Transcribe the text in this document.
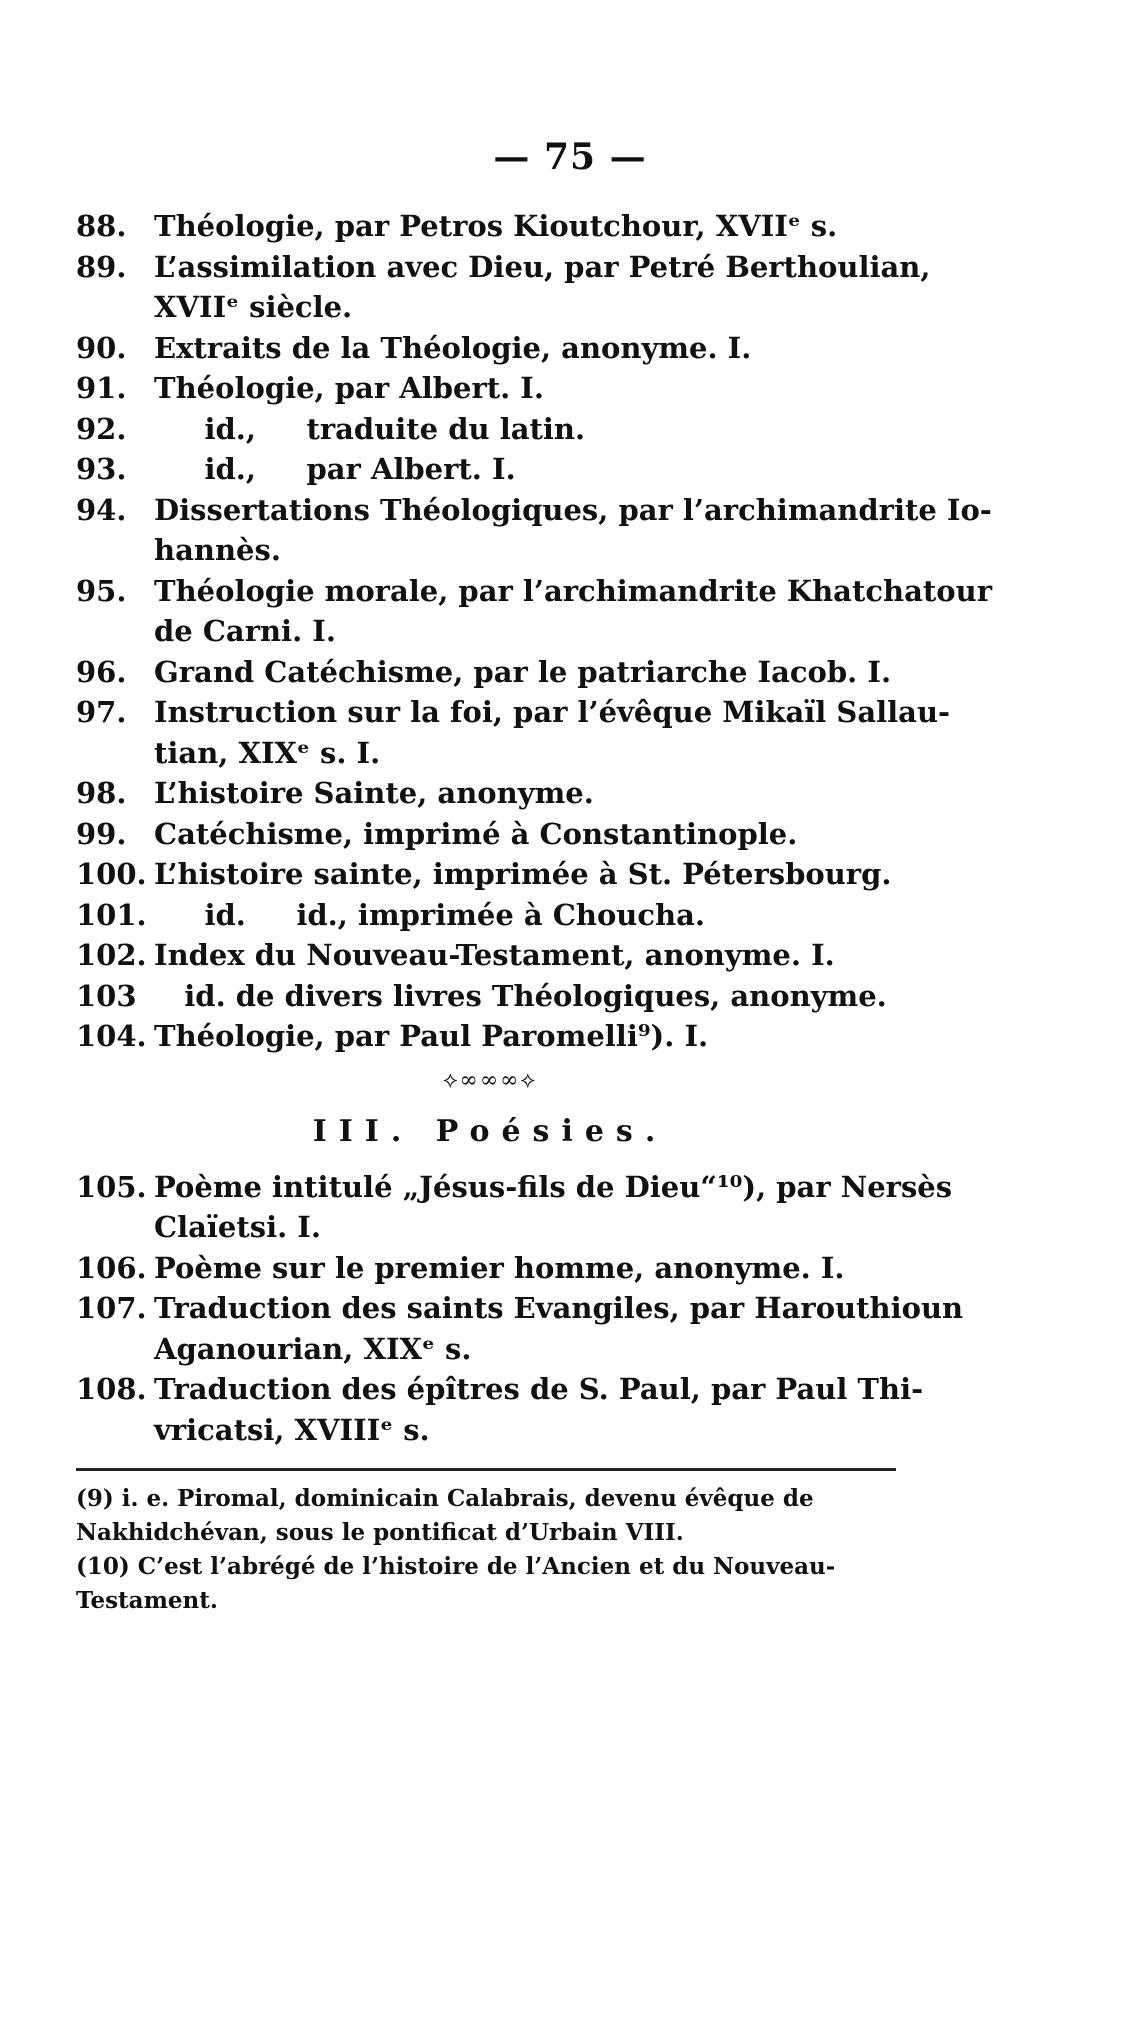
— 75 —
88. Théologie, par Petros Kioutchour, XVIIᵉ s.
89. L’assimilation avec Dieu, par Petré Berthoulian,
XVIIᵉ siècle.
90. Extraits de la Théologie, anonyme. I.
91. Théologie, par Albert. I.
92. id.,     traduite du latin.
93. id.,     par Albert. I.
94. Dissertations Théologiques, par l’archimandrite Io-
hannès.
95. Théologie morale, par l’archimandrite Khatchatour
de Carni. I.
96. Grand Catéchisme, par le patriarche Iacob. I.
97. Instruction sur la foi, par l’évêque Mikaïl Sallau-
tian, XIXᵉ s. I.
98. L’histoire Sainte, anonyme.
99. Catéchisme, imprimé à Constantinople.
100. L’histoire sainte, imprimée à St. Pétersbourg.
101. id.     id., imprimée à Choucha.
102. Index du Nouveau-Testament, anonyme. I.
103 id. de divers livres Théologiques, anonyme.
104. Théologie, par Paul Paromelli⁹). I.
⟡∞∞∞⟡
III. Poésies.
105. Poème intitulé „Jésus-fils de Dieu“¹⁰), par Nersès
Claïetsi. I.
106. Poème sur le premier homme, anonyme. I.
107. Traduction des saints Evangiles, par Harouthioun
Aganourian, XIXᵉ s.
108. Traduction des épîtres de S. Paul, par Paul Thi-
vricatsi, XVIIIᵉ s.
(9) i. e. Piromal, dominicain Calabrais, devenu évêque de
Nakhidchévan, sous le pontificat d’Urbain VIII.
(10) C’est l’abrégé de l’histoire de l’Ancien et du Nouveau-Testament.
